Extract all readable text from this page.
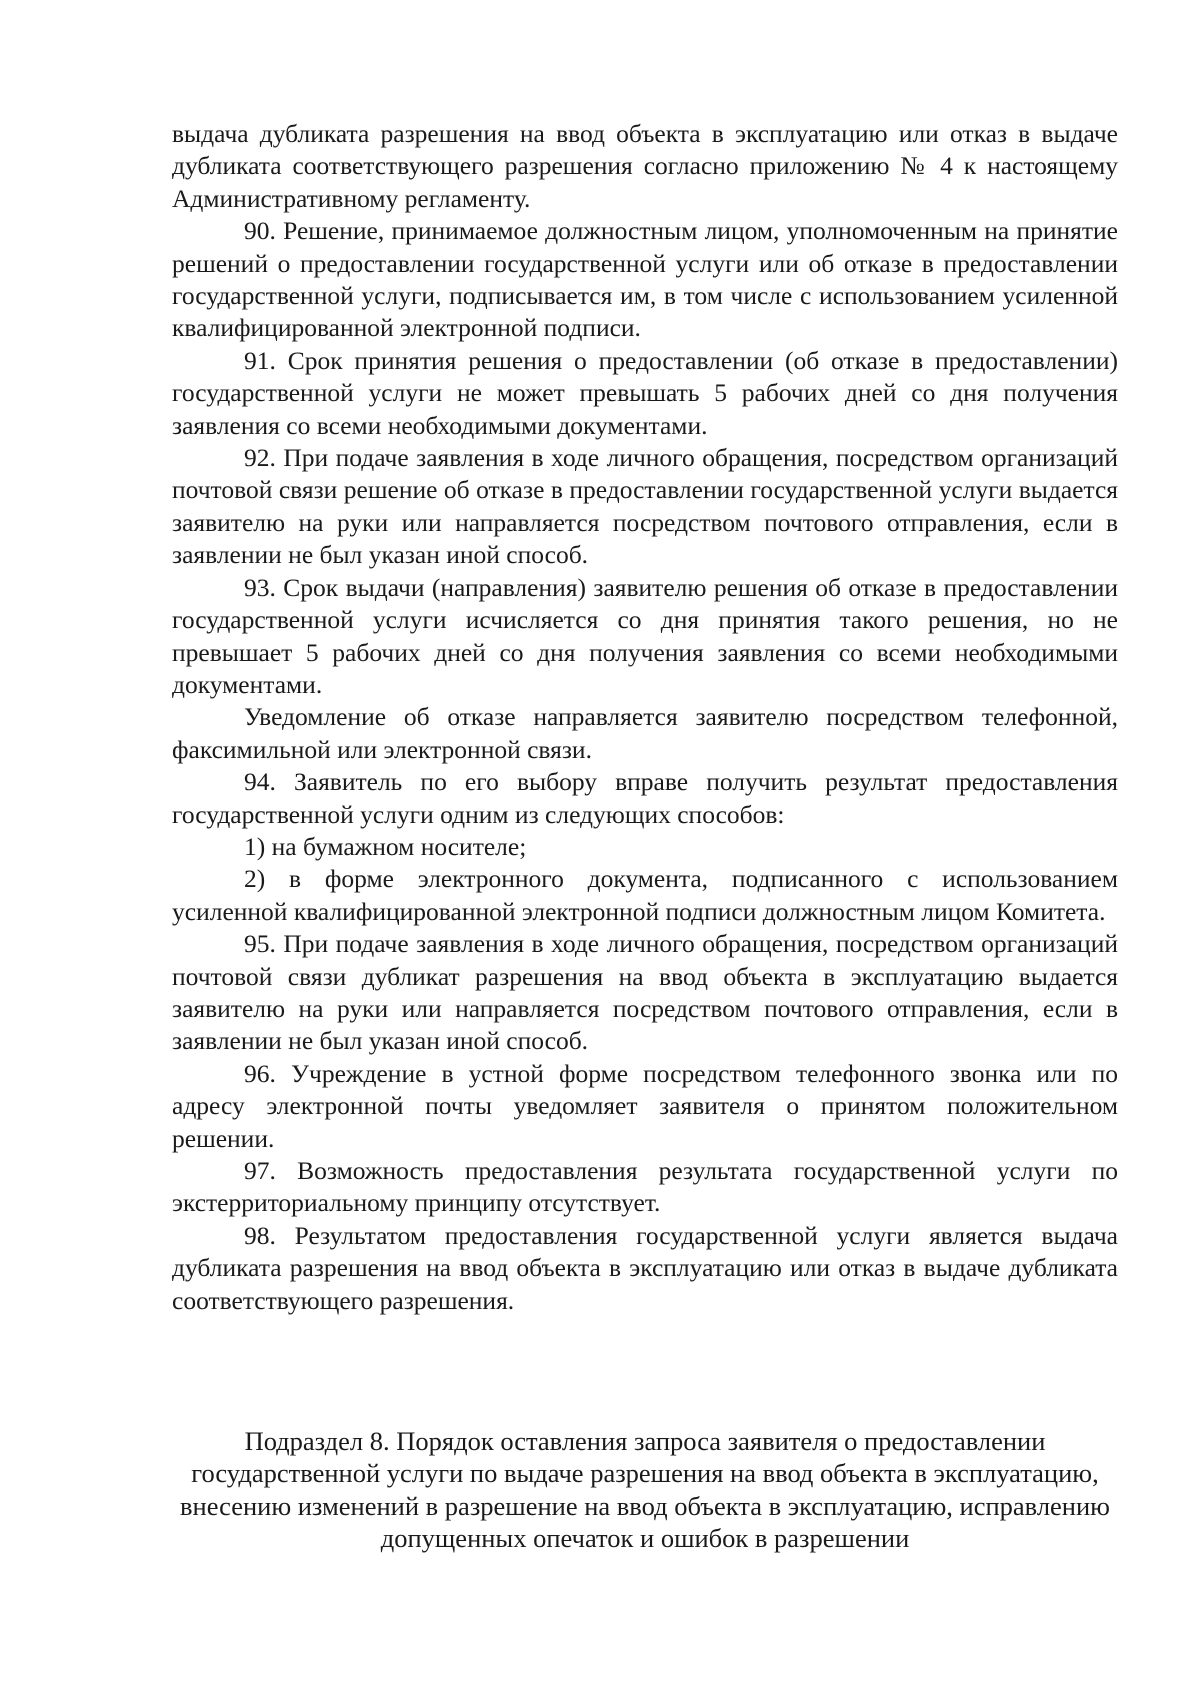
выдача дубликата разрешения на ввод объекта в эксплуатацию или отказ в выдаче дубликата соответствующего разрешения согласно приложению № 4 к настоящему Административному регламенту.

90. Решение, принимаемое должностным лицом, уполномоченным на принятие решений о предоставлении государственной услуги или об отказе в предоставлении государственной услуги, подписывается им, в том числе с использованием усиленной квалифицированной электронной подписи.

91. Срок принятия решения о предоставлении (об отказе в предоставлении) государственной услуги не может превышать 5 рабочих дней со дня получения заявления со всеми необходимыми документами.

92. При подаче заявления в ходе личного обращения, посредством организаций почтовой связи решение об отказе в предоставлении государственной услуги выдается заявителю на руки или направляется посредством почтового отправления, если в заявлении не был указан иной способ.

93. Срок выдачи (направления) заявителю решения об отказе в предоставлении государственной услуги исчисляется со дня принятия такого решения, но не превышает 5 рабочих дней со дня получения заявления со всеми необходимыми документами.

Уведомление об отказе направляется заявителю посредством телефонной, факсимильной или электронной связи.

94. Заявитель по его выбору вправе получить результат предоставления государственной услуги одним из следующих способов:

1) на бумажном носителе;

2) в форме электронного документа, подписанного с использованием усиленной квалифицированной электронной подписи должностным лицом Комитета.

95. При подаче заявления в ходе личного обращения, посредством организаций почтовой связи дубликат разрешения на ввод объекта в эксплуатацию выдается заявителю на руки или направляется посредством почтового отправления, если в заявлении не был указан иной способ.

96. Учреждение в устной форме посредством телефонного звонка или по адресу электронной почты уведомляет заявителя о принятом положительном решении.

97. Возможность предоставления результата государственной услуги по экстерриториальному принципу отсутствует.

98. Результатом предоставления государственной услуги является выдача дубликата разрешения на ввод объекта в эксплуатацию или отказ в выдаче дубликата соответствующего разрешения.

Подраздел 8. Порядок оставления запроса заявителя о предоставлении государственной услуги по выдаче разрешения на ввод объекта в эксплуатацию, внесению изменений в разрешение на ввод объекта в эксплуатацию, исправлению допущенных опечаток и ошибок в разрешении
